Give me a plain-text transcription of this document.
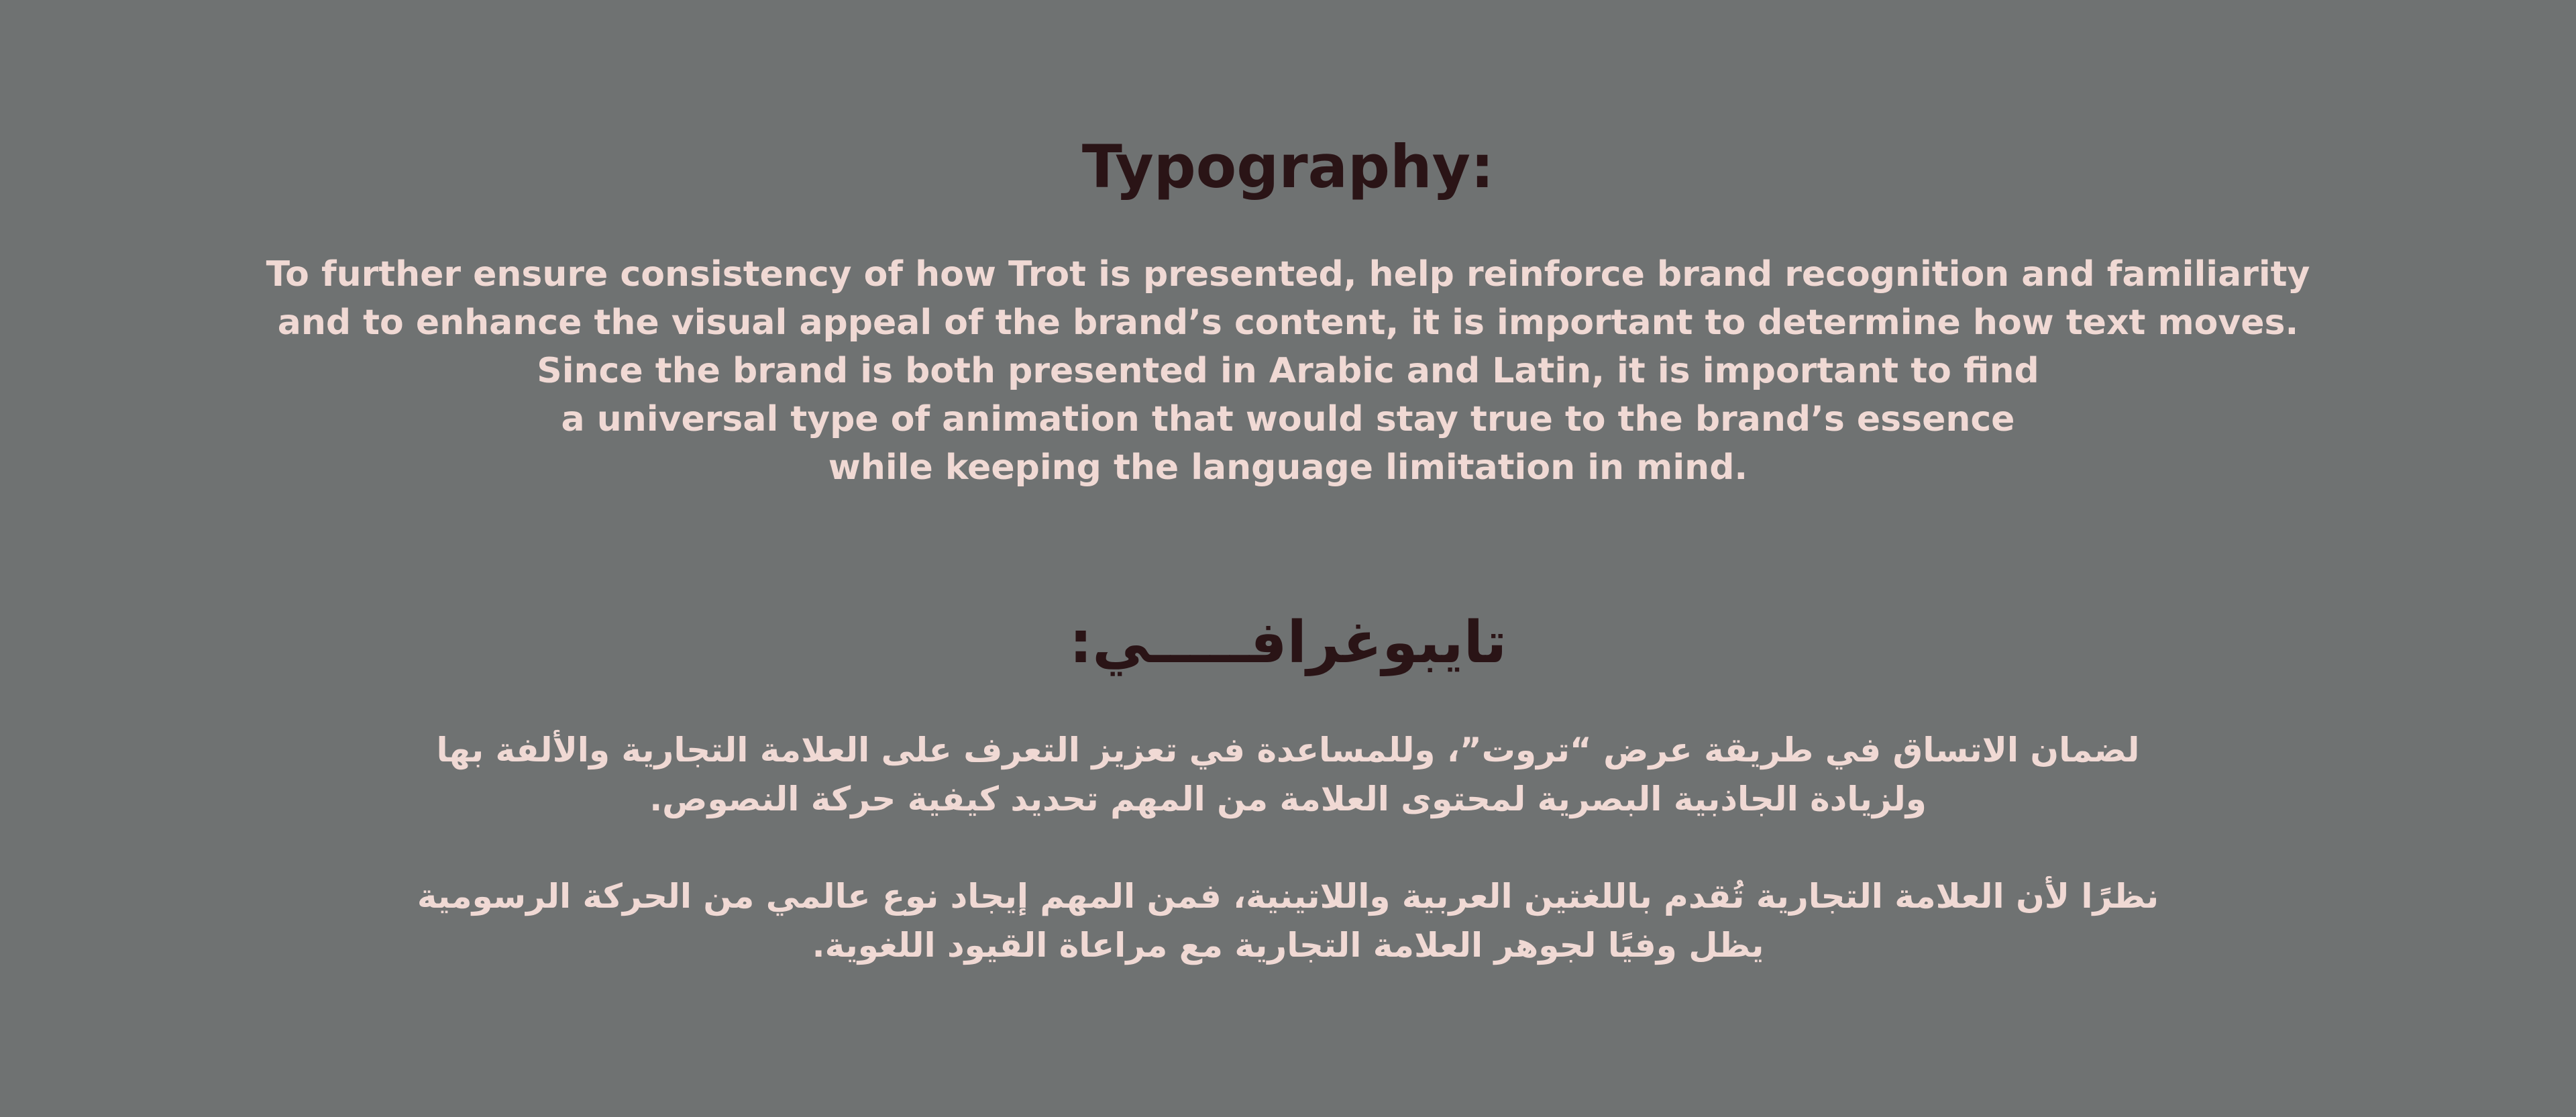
Typography:

To further ensure consistency of how Trot is presented, help reinforce brand recognition and familiarity
and to enhance the visual appeal of the brand’s content, it is important to determine how text moves.
Since the brand is both presented in Arabic and Latin, it is important to find
a universal type of animation that would stay true to the brand’s essence
while keeping the language limitation in mind.

تايبوغرافـــــي:

لضمان الاتساق في طريقة عرض “تروت”، وللمساعدة في تعزيز التعرف على العلامة التجارية والألفة بها
ولزيادة الجاذبية البصرية لمحتوى العلامة من المهم تحديد كيفية حركة النصوص.

نظرًا لأن العلامة التجارية تُقدم باللغتين العربية واللاتينية، فمن المهم إيجاد نوع عالمي من الحركة الرسومية
يظل وفيًا لجوهر العلامة التجارية مع مراعاة القيود اللغوية.
